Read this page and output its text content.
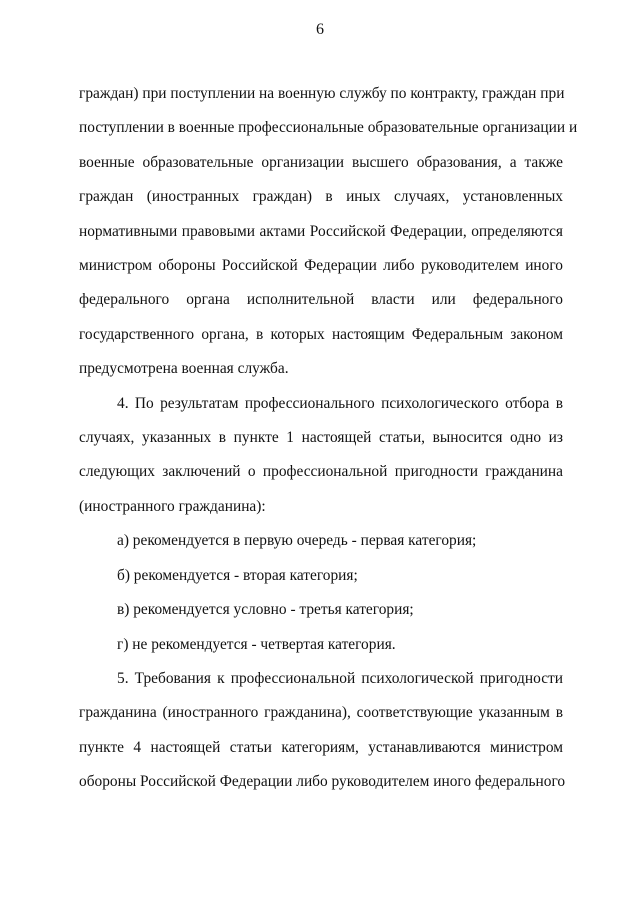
6
граждан) при поступлении на военную службу по контракту, граждан при
поступлении в военные профессиональные образовательные организации и
военные образовательные организации высшего образования, а также
граждан (иностранных граждан) в иных случаях, установленных
нормативными правовыми актами Российской Федерации, определяются
министром обороны Российской Федерации либо руководителем иного
федерального органа исполнительной власти или федерального
государственного органа, в которых настоящим Федеральным законом
предусмотрена военная служба.
4. По результатам профессионального психологического отбора в
случаях, указанных в пункте 1 настоящей статьи, выносится одно из
следующих заключений о профессиональной пригодности гражданина
(иностранного гражданина):
а) рекомендуется в первую очередь - первая категория;
б) рекомендуется - вторая категория;
в) рекомендуется условно - третья категория;
г) не рекомендуется - четвертая категория.
5. Требования к профессиональной психологической пригодности
гражданина (иностранного гражданина), соответствующие указанным в
пункте 4 настоящей статьи категориям, устанавливаются министром
обороны Российской Федерации либо руководителем иного федерального
